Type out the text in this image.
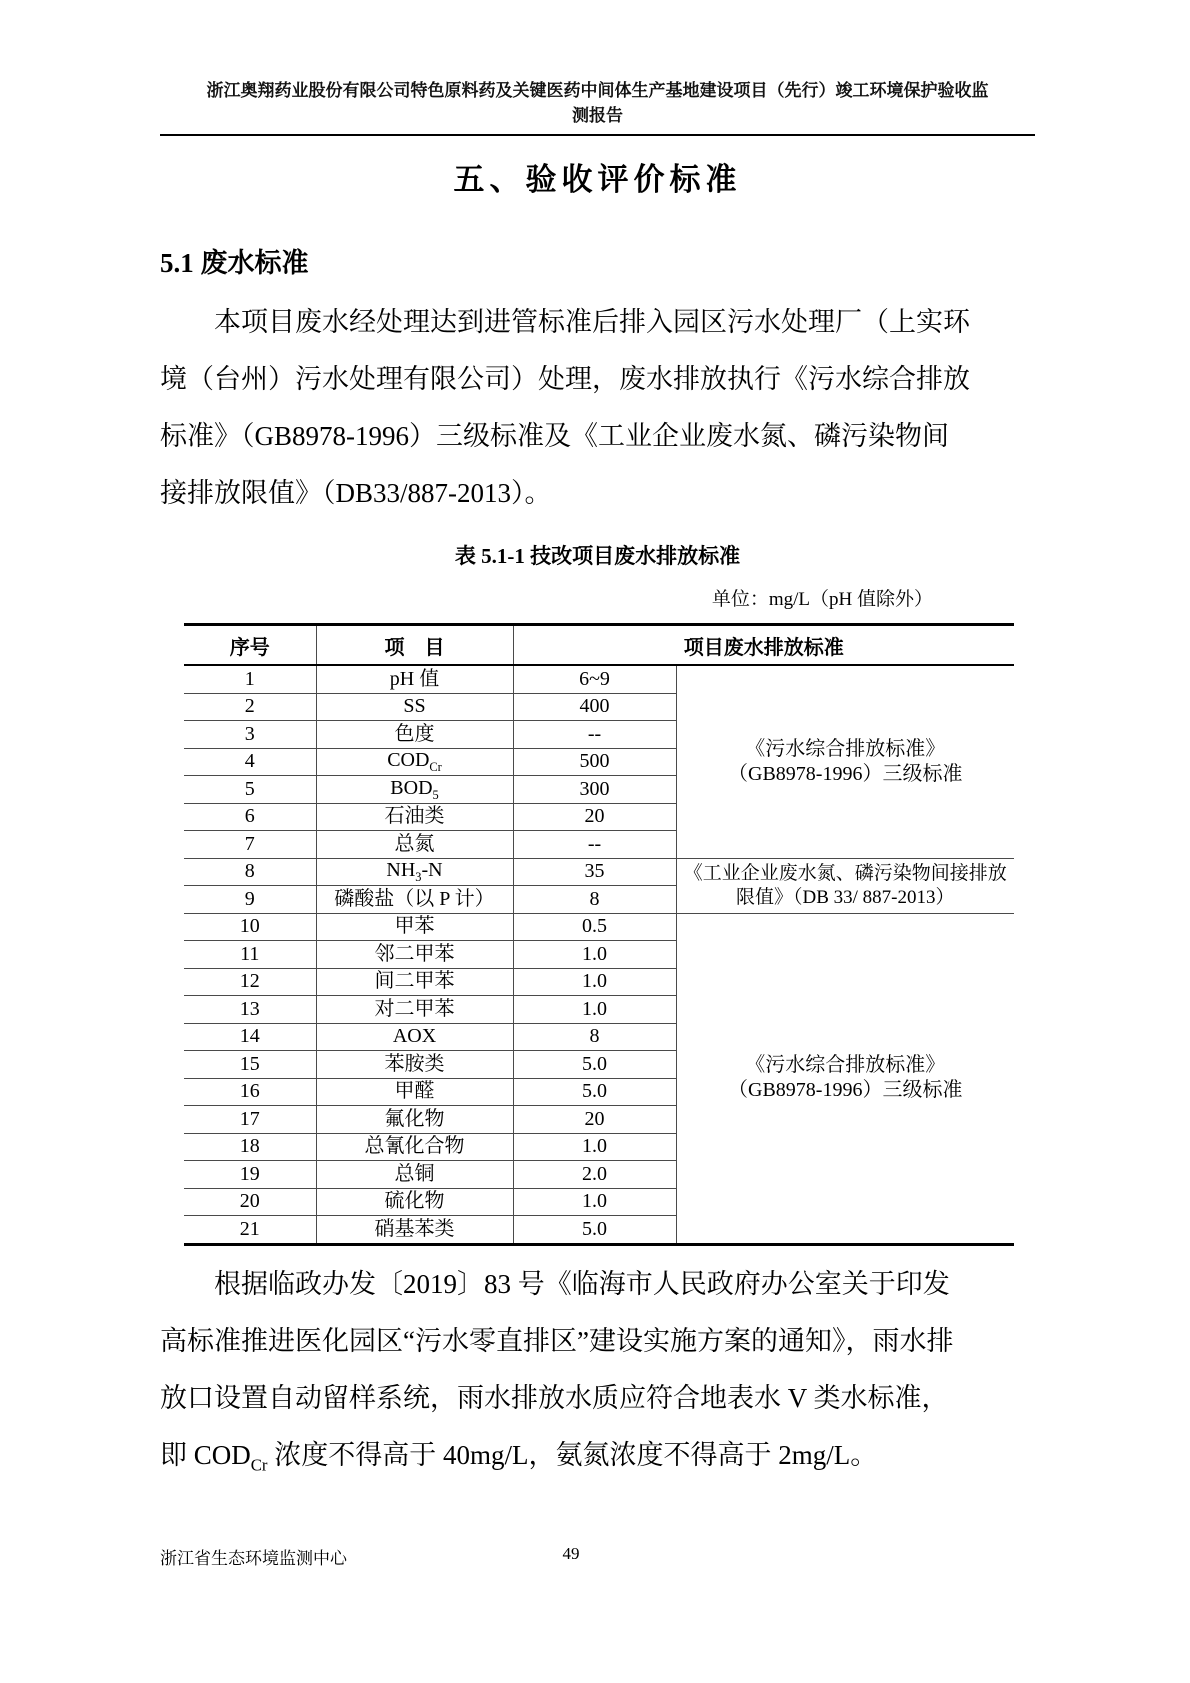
浙江奥翔药业股份有限公司特色原料药及关键医药中间体生产基地建设项目（先行）竣工环境保护验收监
测报告
五、验收评价标准
5.1 废水标准
本项目废水经处理达到进管标准后排入园区污水处理厂（上实环
境（台州）污水处理有限公司）处理，废水排放执行《污水综合排放
标准》（GB8978-1996）三级标准及《工业企业废水氮、磷污染物间
接排放限值》（DB33/887-2013）。
表 5.1-1 技改项目废水排放标准
单位：mg/L（pH 值除外）
序号	项　目	项目废水排放标准	
1	pH 值	6~9	《污水综合排放标准》
（GB8978-1996）三级标准

2	SS	400	
3	色度	--	
4	$COD_{Cr}$	500	
5	$BOD_5$	300	
6	石油类	20	
7	总氮	--	
8	$NH_3-N$	35	《工业企业废水氮、磷污染物间接排放
限值》（DB 33/ 887-2013）

9	磷酸盐（以 P 计）	8	
10	甲苯	0.5	《污水综合排放标准》
（GB8978-1996）三级标准

11	邻二甲苯	1.0	
12	间二甲苯	1.0	
13	对二甲苯	1.0	
14	AOX	8	
15	苯胺类	5.0	
16	甲醛	5.0	
17	氟化物	20	
18	总氰化合物	1.0	
19	总铜	2.0	
20	硫化物	1.0	
21	硝基苯类	5.0	
根据临政办发〔2019〕83 号《临海市人民政府办公室关于印发
高标准推进医化园区“污水零直排区”建设实施方案的通知》，雨水排
放口设置自动留样系统，雨水排放水质应符合地表水 V 类水标准，
即 $COD_{Cr}$ 浓度不得高于 40mg/L，氨氮浓度不得高于 2mg/L。
浙江省生态环境监测中心	49
